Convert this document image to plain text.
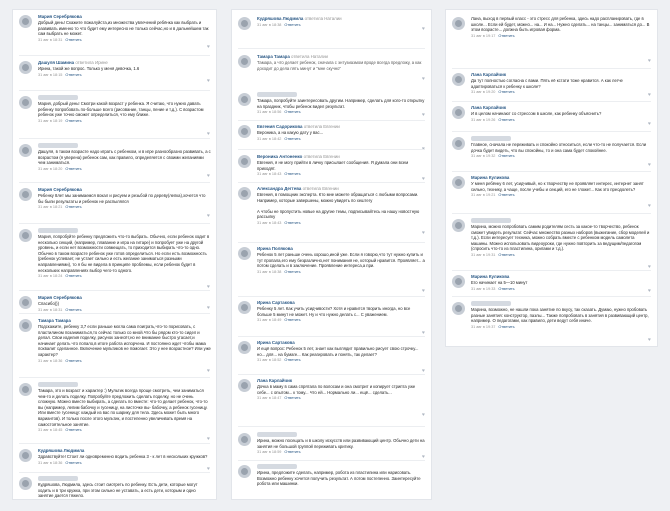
Мария Серебрякова
Добрый день! Скажите пожалуйста,из множества увлечений ребёнка как выбрать и развивать именно то что будет ему интересно не только сейчас,но и в дальнейшем так сам выбрать не может.
31 авг в 18:31 Ответить
♥
Дашуля Шамина ответила Ирине
Ирина, такой же вопрос. Только у меня девочка, 1.6
31 авг в 18:15 Ответить
♥
Мария, добрый день! Смотри какой возраст у ребенка. Я считаю, что нужно давать ребенку попробовать по-больше всего (рисование, танцы, пение и т.д.). С возрастом ребенок уже точно сможет определиться, что ему ближе.
31 авг в 18:19 Ответить
♥
Дашуля, в таком возрасте надо играть с ребенком, и в игре разнообразно развивать, а с возрастом (я уверена) ребенок сам, как правило, определяется с своими желаниями чем заниматься.
31 авг в 18:20 Ответить
♥
Мария Серебрякова
Ребенку 8лет мы занимаемся вокал и рисуем и резьбой по дереву(лепка),хочется что бы были результаты и ребенок не распылялся
31 авг в 18:21 Ответить
♥
Мария, попробуйте ребенку предложить что-то выбрать. Обычно, если ребенок ходит в несколько секций, (например, плавание и игра на гитаре) и попробует уже на другой уровень, и если нет возможности совмещать, то приходится выбирать что-то одно. Обычно в таком возрасте ребенок уже готов определиться. Но если есть возможность (ребенок успевает, не устает сильно и есть желание заниматься разными направлениями), то я бы не видела в принципе проблемы, если ребенок будет в нескольких направлениях выбор чего-то одного.
31 авг в 18:24 Ответить
♥
Мария Серебрякова
Спасибо)))
31 авг в 18:31 Ответить	♥
Тамара Тамара
Подскажите, ребенку 3,7 если раньше могла сама поиграть,что-то порисовать, с пластилином позаниматься,то сейчас только со мной.Что бы рядом кто-то сидел и делал. Свои изделия поделку, рисунок занесёт,но ее внимание быстро угасает,и начинает делать что попало,в итоге работа испорчена. И постоянно ждет чтобы мама похвалит сделанное. Включение мультиков не помогает. Это у нее возрастное? Или уже характер?
31 авг в 18:36 Ответить
♥
Тамара, это и возраст и характер :) Мультик всегда проще смотреть, чем заниматься чем-то и делать поделку. Попробуйте предложить сделать поделку, но не очень сложную. Можно вместе выбирать, а сделать по вместе: что-то делает ребенок, что-то вы (например, лепим бабочку и гусеницу, на листочке вы- бабочку, а ребенок гусеницу. Или вместе гусеницу: каждый из вас по шарику для тела. Здесь может быть много вариантов). И только после этого мультик, и постепенно увеличивать время на самостоятельное занятие.
31 авг в 18:45 Ответить
♥
Кудряшова Людмила
Здравствуйте! Стоит ли одновременно водить ребенка 3 - к лет в нескольких кружков?
31 авг в 18:36 Ответить
♥
Кудряшова, Людмила, здесь стоит смотреть по ребенку. Есть дети, которые могут ходить и в три кружка, при этом сильно не уставать, а есть дети, которым и одно занятие дается тяжело.
Кудряшова Людмила ответила Наталии
31 авг в 18:38 Ответить
♥
Тамара Тамара ответила Наталии
Тамара, а что делает ребенок, сначала с энтузиазмом вроде всегда предложу, а как доходит до дела пять минут и "мне скучно"
♥
Тамара, попробуйте заинтересовать другим. Например, сделать для кого-то открытку на праздник, чтобы ребенок видел результат.
31 авг в 18:56 Ответить	♥
Евгения Садорикова ответила Евгении
Вероника, а на какую дату у вас...
31 авг в 18:42 Ответить
Вероника Антоненко ответила Евгении
Евгения, я не могу прийти в личку присылает сообщения. Я думала они всем приходят.
31 авг в 18:43 Ответить
♥
Александра Дегтева ответила Евгении
Евгения, в помощник эксперта. Кто мне можете обращаться с любыми вопросами. Например, которые завершены, можно увидеть по хештегу

А чтобы не пропустить новые на другие темы, подписывайтесь на нашу новостную рассылку
31 авг в 18:43 Ответить
♥
Ирина Полякова
Ребенок 5 лет раньше очень хорошо,иной уже. Если я говорю,что тут нужно купить и тут пропала,его ему безразлично,нет понимания не, который нравится. Проявляет... а потом сделать и в заключение. Проявление интереса,а при.
31 авг в 18:38 Ответить
♥
Ирина Сартакова
Ребенку 5 лет. Как учить усидчивости? Хотя и нравится творить иногда, но все больше 5 минут не может. Ну и что нужно делать с... С уважением.
31 авг в 18:49 Ответить
♥
Ирина Сартакова
И ещё вопрос: Ребенок 5 лет, знает как выглядит правильно рисует свою строчку... но... для... на бумаге... Как реагировать и понять, так делает?
31 авг в 18:52 Ответить
♥
Лана Карлайчик
Дочка в маму в сама спрятала по волосам и она смотрит и копирует стрипта уже себе... с опытом... к тому... Что ей... Нормально ли... ещё... сделать...
31 авг в 18:47 Ответить
♥
Ирина, можно посещать и в школу искусств или развивающий центр. Обычно дети на занятия не большой группой переживать критику.
31 авг в 18:59 Ответить
♥
Ирина, предложите сделать, например, робота из пластилина или нарисовать. Возможно ребенку хочется получить результат. А потом постепенно. Заинтересуйте робота или машинки.
Лана, выход в первый класс - это стресс для ребенка, здесь надо распланировать, где в школе... Если ей будет, можно... на... И на... Нужно сделать... на танцы... заниматься до... В этом возрасте... должна быть игровая форма.
31 авг в 19:17 Ответить
♥
Лана Карлайчик
Да тут полностью согласна с вами. Пять её кстати тоже нравится. А как легче адаптироваться к ребенку к школе?
31 авг в 19:20 Ответить	♥
Лана Карлайчик
И в целом начинают со стрессом в школе, как ребенку объяснить?
31 авг в 19:26 Ответить
♥
Главное, сначала не переживать и спокойно относиться, если что-то не получается. Если дочка будет видеть, что вы спокойны, то и она сама будет спокойнее.
31 авг в 19:32 Ответить
♥
Марина Куликова
У меня ребёнку 6 лет, усидчивый, но к творчеству не проявляет интерес, интернет занят сильно, технику, а чаще, после учебы и секций, его не гложет... Как это преодолеть?
31 авг в 19:21 Ответить
♥
Марина, можно попробовать самим родителям сесть за какое-то творчество, ребенок сможет увидеть результат. Сейчас множество разных наборов (выжигание, сбор моделей и т.д.). Если интересует техника, можно собрать вместе с ребенком модель самолета машины. Можно использовать видеоуроки, где нужно повторить за ведущим/педагогом (спросить что-то из пластилина, оригами и т.д.).
31 авг в 19:31 Ответить
♥
Марина Куликова
Его начинает на 5—10 минут
31 авг в 19:33 Ответить	♥
Марина, возможно, не нашли пока занятие по вкусу, так сказать. Думаю, нужно пробовать разные занятия: конструктор, пазлы... Также попробовать в занятия в развивающий центр, например. О педагогами, как правило, дети ведут себя иначе.
31 авг в 19:37 Ответить
♥
